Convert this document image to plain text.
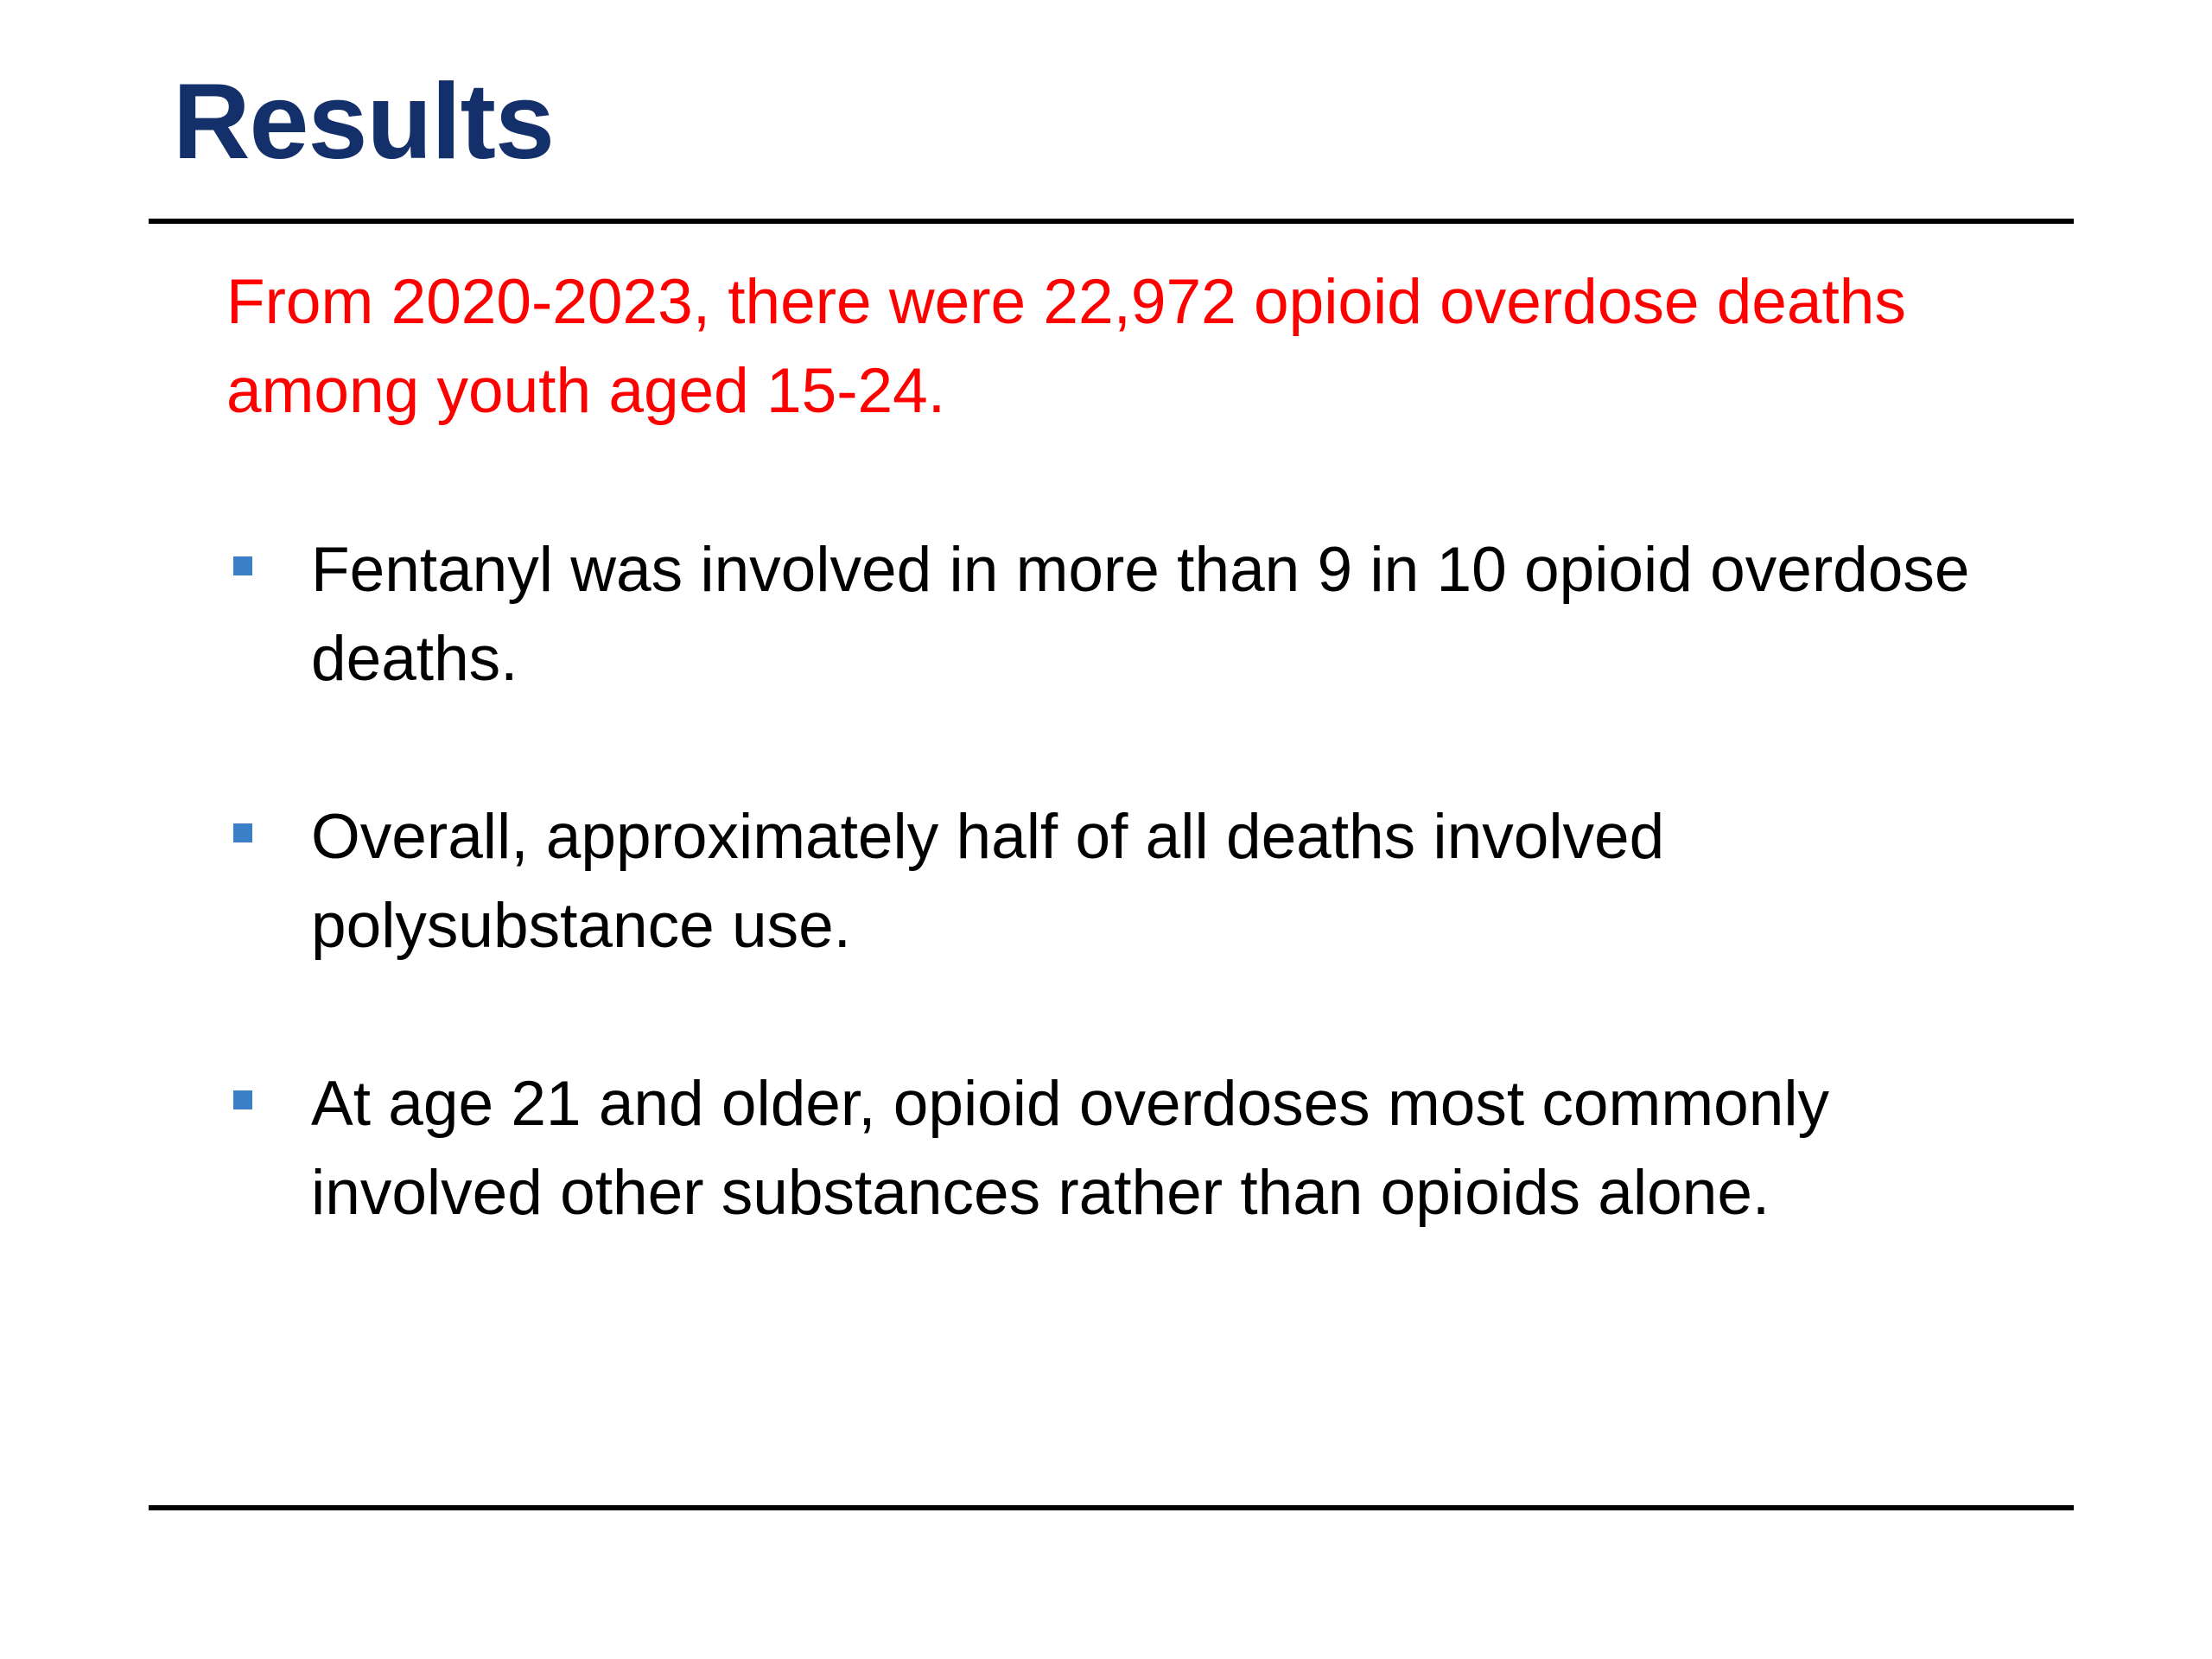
Results
From 2020-2023, there were 22,972 opioid overdose deaths among youth aged 15-24.
Fentanyl was involved in more than 9 in 10 opioid overdose deaths.
Overall, approximately half of all deaths involved polysubstance use.
At age 21 and older, opioid overdoses most commonly involved other substances rather than opioids alone.
